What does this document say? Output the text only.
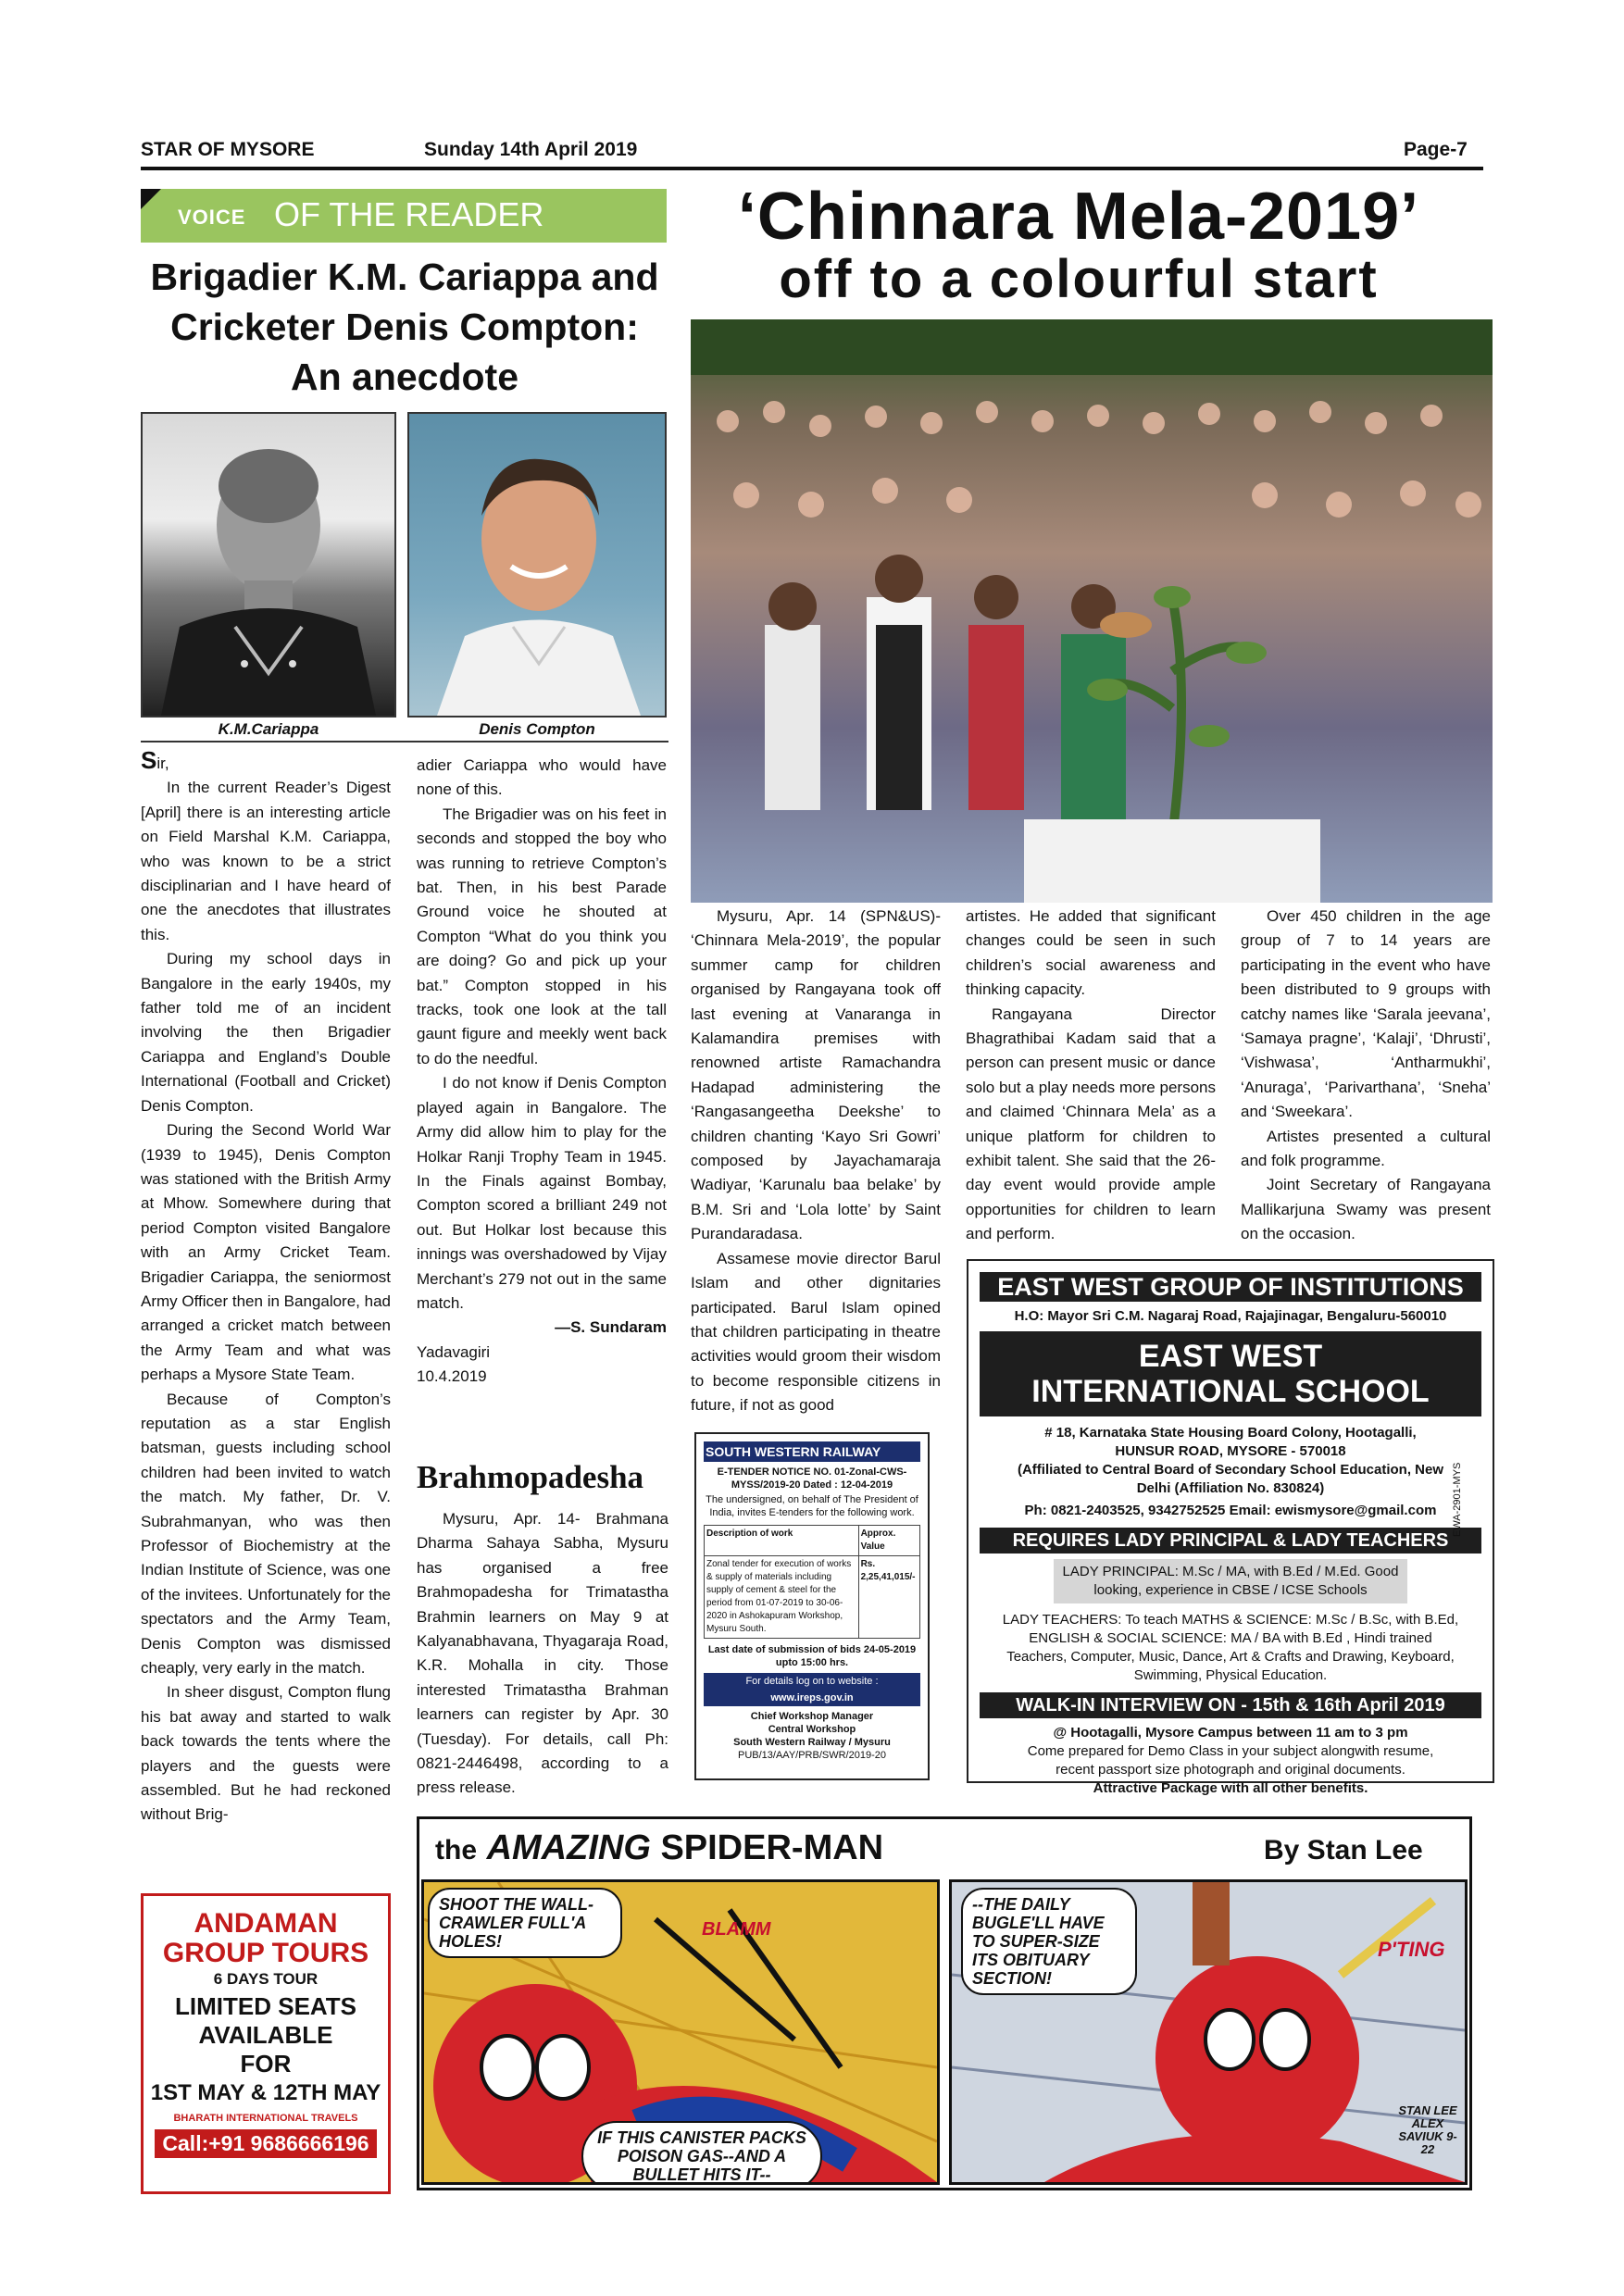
STAR OF MYSORE	Sunday 14th April 2019	Page-7
VOICE OF THE READER
Brigadier K.M. Cariappa and Cricketer Denis Compton: An anecdote
K.M.Cariappa	Denis Compton

Sir,

In the current Reader’s Digest [April] there is an interesting article on Field Marshal K.M. Cariappa, who was known to be a strict disciplinarian and I have heard of one the anecdotes that illustrates this.

During my school days in Bangalore in the early 1940s, my father told me of an incident involving the then Brigadier Cariappa and England’s Double International (Football and Cricket) Denis Compton.

During the Second World War (1939 to 1945), Denis Compton was stationed with the British Army at Mhow. Somewhere during that period Compton visited Bangalore with an Army Cricket Team. Brigadier Cariappa, the seniormost Army Officer then in Bangalore, had arranged a cricket match between the Army Team and what was perhaps a Mysore State Team.

Because of Compton’s reputation as a star English batsman, guests including school children had been invited to watch the match. My father, Dr. V. Subrahmanyan, who was then Professor of Biochemistry at the Indian Institute of Science, was one of the invitees. Unfortunately for the spectators and the Army Team, Denis Compton was dismissed cheaply, very early in the match.

In sheer disgust, Compton flung his bat away and started to walk back towards the tents where the players and the guests were assembled. But he had reckoned without Brig-

adier Cariappa who would have none of this.

The Brigadier was on his feet in seconds and stopped the boy who was running to retrieve Compton’s bat. Then, in his best Parade Ground voice he shouted at Compton “What do you think you are doing? Go and pick up your bat.” Compton stopped in his tracks, took one look at the tall gaunt figure and meekly went back to do the needful.

I do not know if Denis Compton played again in Bangalore. The Army did allow him to play for the Holkar Ranji Trophy Team in 1945. In the Finals against Bombay, Compton scored a brilliant 249 not out. But Holkar lost because this innings was overshadowed by Vijay Merchant’s 279 not out in the same match.

—S. Sundaram

Yadavagiri

10.4.2019

Brahmopadesha

Mysuru, Apr. 14- Brahmana Dharma Sahaya Sabha, Mysuru has organised a free Brahmopadesha for Trimatastha Brahmin learners on May 9 at Kalyanabhavana, Thyagaraja Road, K.R. Mohalla in city. Those interested Trimatastha Brahman learners can register by Apr. 30 (Tuesday). For details, call Ph: 0821-2446498, according to a press release.

‘Chinnara Mela-2019’
off to a colourful start

Mysuru, Apr. 14 (SPN&US)- ‘Chinnara Mela-2019’, the popular summer camp for children organised by Rangayana took off last evening at Vanaranga in Kalamandira premises with renowned artiste Ramachandra Hadapad administering the ‘Rangasangeetha Deekshe’ to children chanting ‘Kayo Sri Gowri’ composed by Jayachamaraja Wadiyar, ‘Karunalu baa belake’ by B.M. Sri and ‘Lola lotte’ by Saint Purandaradasa.

Assamese movie director Barul Islam and other dignitaries participated. Barul Islam opined that children participating in theatre activities would groom their wisdom to become responsible citizens in future, if not as good

artistes. He added that significant changes could be seen in such children’s social awareness and thinking capacity.

Rangayana Director Bhagrathibai Kadam said that a person can present music or dance solo but a play needs more persons and claimed ‘Chinnara Mela’ as a unique platform for children to exhibit talent. She said that the 26-day event would provide ample opportunities for children to learn and perform.

Over 450 children in the age group of 7 to 14 years are participating in the event who have been distributed to 9 groups with catchy names like ‘Sarala jeevana’, ‘Samaya pragne’, ‘Kalaji’, ‘Dhrusti’, ‘Vishwasa’, ‘Antharmukhi’, ‘Anuraga’, ‘Parivarthana’, ‘Sneha’ and ‘Sweekara’.

Artistes presented a cultural and folk programme.

Joint Secretary of Rangayana Mallikarjuna Swamy was present on the occasion.

SOUTH WESTERN RAILWAY
E-TENDER NOTICE NO. 01-Zonal-CWS-MYSS/2019-20 Dated : 12-04-2019
The undersigned, on behalf of The President of India, invites E-tenders for the following work.
Description of work	Approx. Value
Zonal tender for execution of works & supply of materials including supply of cement & steel for the period from 01-07-2019 to 30-06-2020 in Ashokapuram Workshop, Mysuru South.	Rs. 2,25,41,015/-
Last date of submission of bids 24-05-2019 upto 15:00 hrs.
For details log on to website :
www.ireps.gov.in
Chief Workshop Manager
Central Workshop
South Western Railway / Mysuru
PUB/13/AAY/PRB/SWR/2019-20
EAST WEST GROUP OF INSTITUTIONS
H.O: Mayor Sri C.M. Nagaraj Road, Rajajinagar, Bengaluru-560010
EAST WEST
INTERNATIONAL SCHOOL
# 18, Karnataka State Housing Board Colony, Hootagalli,
HUNSUR ROAD, MYSORE - 570018
(Affiliated to Central Board of Secondary School Education, New Delhi (Affiliation No. 830824)
Ph: 0821-2403525, 9342752525 Email: ewismysore@gmail.com
REQUIRES LADY PRINCIPAL & LADY TEACHERS
LADY PRINCIPAL: M.Sc / MA, with B.Ed / M.Ed. Good looking, experience in CBSE / ICSE Schools
LADY TEACHERS: To teach MATHS & SCIENCE: M.Sc / B.Sc, with B.Ed, ENGLISH & SOCIAL SCIENCE: MA / BA with B.Ed , Hindi trained Teachers, Computer, Music, Dance, Art & Crafts and Drawing, Keyboard, Swimming, Physical Education.
WALK-IN INTERVIEW ON - 15th & 16th April 2019
@ Hootagalli, Mysore Campus between 11 am to 3 pm
Come prepared for Demo Class in your subject alongwith resume, recent passport size photograph and original documents.
Attractive Package with all other benefits.
EWA-2901-MYS
ANDAMAN
GROUP TOURS
6 DAYS TOUR
LIMITED SEATS
AVAILABLE
FOR
1ST MAY & 12TH MAY
BHARATH INTERNATIONAL TRAVELS
Call:+91 9686666196
the AMAZING SPIDER-MAN	By Stan Lee
SHOOT THE WALL-CRAWLER FULL'A HOLES!
BLAMM
IF THIS CANISTER PACKS POISON GAS--AND A BULLET HITS IT--
--THE DAILY BUGLE'LL HAVE TO SUPER-SIZE ITS OBITUARY SECTION!
P'TING
STAN LEE ALEX SAVIUK 9-22
